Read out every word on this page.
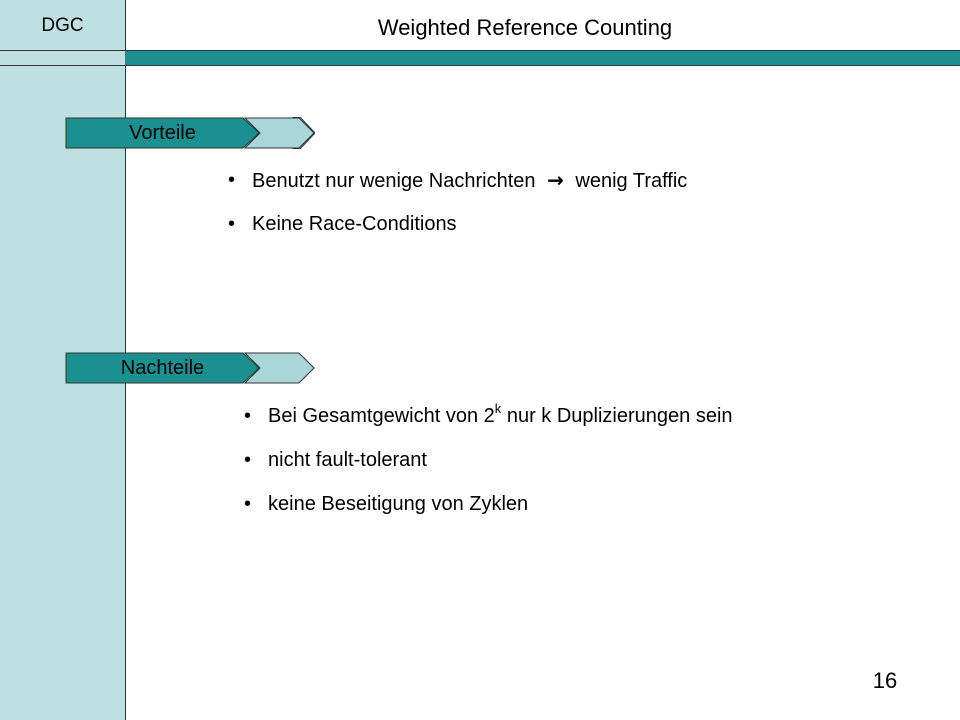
DGC	Weighted Reference Counting
Vorteile
• Benutzt nur wenige Nachrichten → wenig Traffic
• Keine Race-Conditions
Nachteile
• Bei Gesamtgewicht von 2$^k$ nur k Duplizierungen sein
• nicht fault-tolerant
• keine Beseitigung von Zyklen
16
